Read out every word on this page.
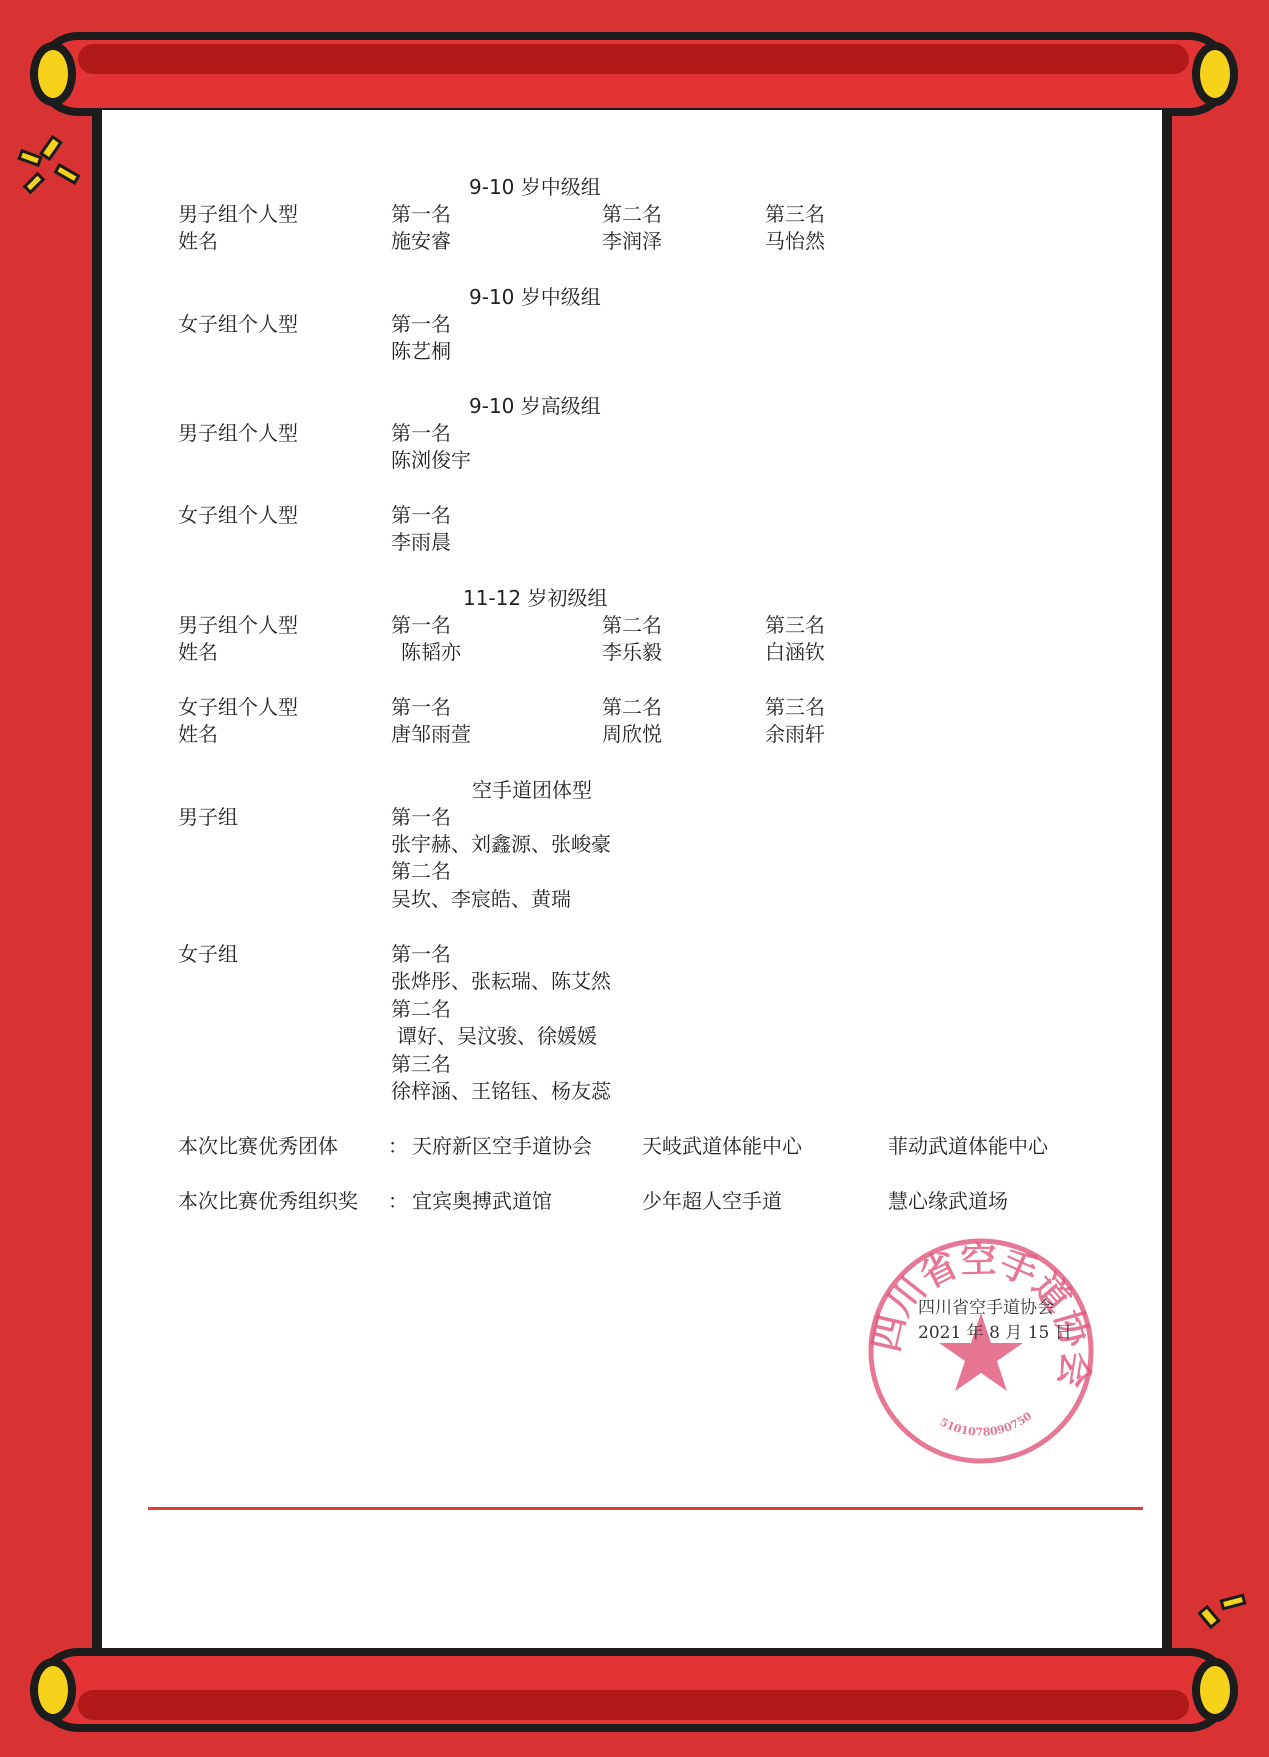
9-10 岁中级组
男子组个人型	第一名	第二名	第三名
姓名	施安睿	李润泽	马怡然
9-10 岁中级组
女子组个人型	第一名
陈艺桐
9-10 岁高级组
男子组个人型	第一名
陈浏俊宇
女子组个人型	第一名
李雨晨
11-12 岁初级组
男子组个人型	第一名	第二名	第三名
姓名	陈韬亦	李乐毅	白涵钦
女子组个人型	第一名	第二名	第三名
姓名	唐邹雨萱	周欣悦	余雨轩
空手道团体型
男子组	第一名
张宇赫、刘鑫源、张峻豪
第二名
吴坎、李宸皓、黄瑞
女子组	第一名
张烨彤、张耘瑞、陈艾然
第二名
谭好、吴汶骏、徐媛媛
第三名
徐梓涵、王铭钰、杨友蕊
本次比赛优秀团体	： 天府新区空手道协会	天岐武道体能中心	菲动武道体能中心
本次比赛优秀组织奖 ： 宜宾奥搏武道馆	少年超人空手道	慧心缘武道场
四川省空手道协会
5101078090750
四川省空手道协会
2021 年 8 月 15 日
